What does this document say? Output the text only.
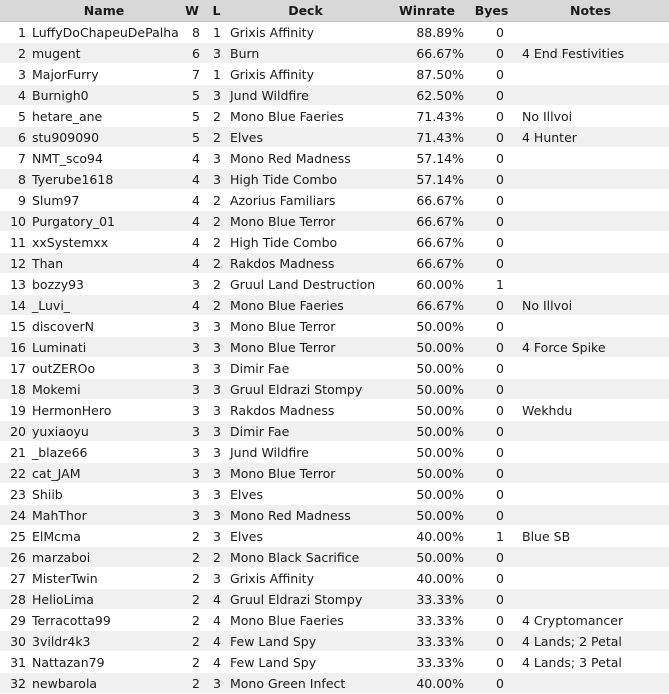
	Name	W	L	Deck	Winrate	Byes	Notes
1	LuffyDoChapeuDePalha	8	1	Grixis Affinity	88.89%	0	
2	mugent	6	3	Burn	66.67%	0	4 End Festivities
3	MajorFurry	7	1	Grixis Affinity	87.50%	0	
4	Burnigh0	5	3	Jund Wildfire	62.50%	0	
5	hetare_ane	5	2	Mono Blue Faeries	71.43%	0	No Illvoi
6	stu909090	5	2	Elves	71.43%	0	4 Hunter
7	NMT_sco94	4	3	Mono Red Madness	57.14%	0	
8	Tyerube1618	4	3	High Tide Combo	57.14%	0	
9	Slum97	4	2	Azorius Familiars	66.67%	0	
10	Purgatory_01	4	2	Mono Blue Terror	66.67%	0	
11	xxSystemxx	4	2	High Tide Combo	66.67%	0	
12	Than	4	2	Rakdos Madness	66.67%	0	
13	bozzy93	3	2	Gruul Land Destruction	60.00%	1	
14	_Luvi_	4	2	Mono Blue Faeries	66.67%	0	No Illvoi
15	discoverN	3	3	Mono Blue Terror	50.00%	0	
16	Luminati	3	3	Mono Blue Terror	50.00%	0	4 Force Spike
17	outZEROo	3	3	Dimir Fae	50.00%	0	
18	Mokemi	3	3	Gruul Eldrazi Stompy	50.00%	0	
19	HermonHero	3	3	Rakdos Madness	50.00%	0	Wekhdu
20	yuxiaoyu	3	3	Dimir Fae	50.00%	0	
21	_blaze66	3	3	Jund Wildfire	50.00%	0	
22	cat_JAM	3	3	Mono Blue Terror	50.00%	0	
23	Shiib	3	3	Elves	50.00%	0	
24	MahThor	3	3	Mono Red Madness	50.00%	0	
25	ElMcma	2	3	Elves	40.00%	1	Blue SB
26	marzaboi	2	2	Mono Black Sacrifice	50.00%	0	
27	MisterTwin	2	3	Grixis Affinity	40.00%	0	
28	HelioLima	2	4	Gruul Eldrazi Stompy	33.33%	0	
29	Terracotta99	2	4	Mono Blue Faeries	33.33%	0	4 Cryptomancer
30	3vildr4k3	2	4	Few Land Spy	33.33%	0	4 Lands; 2 Petal
31	Nattazan79	2	4	Few Land Spy	33.33%	0	4 Lands; 3 Petal
32	newbarola	2	3	Mono Green Infect	40.00%	0	
